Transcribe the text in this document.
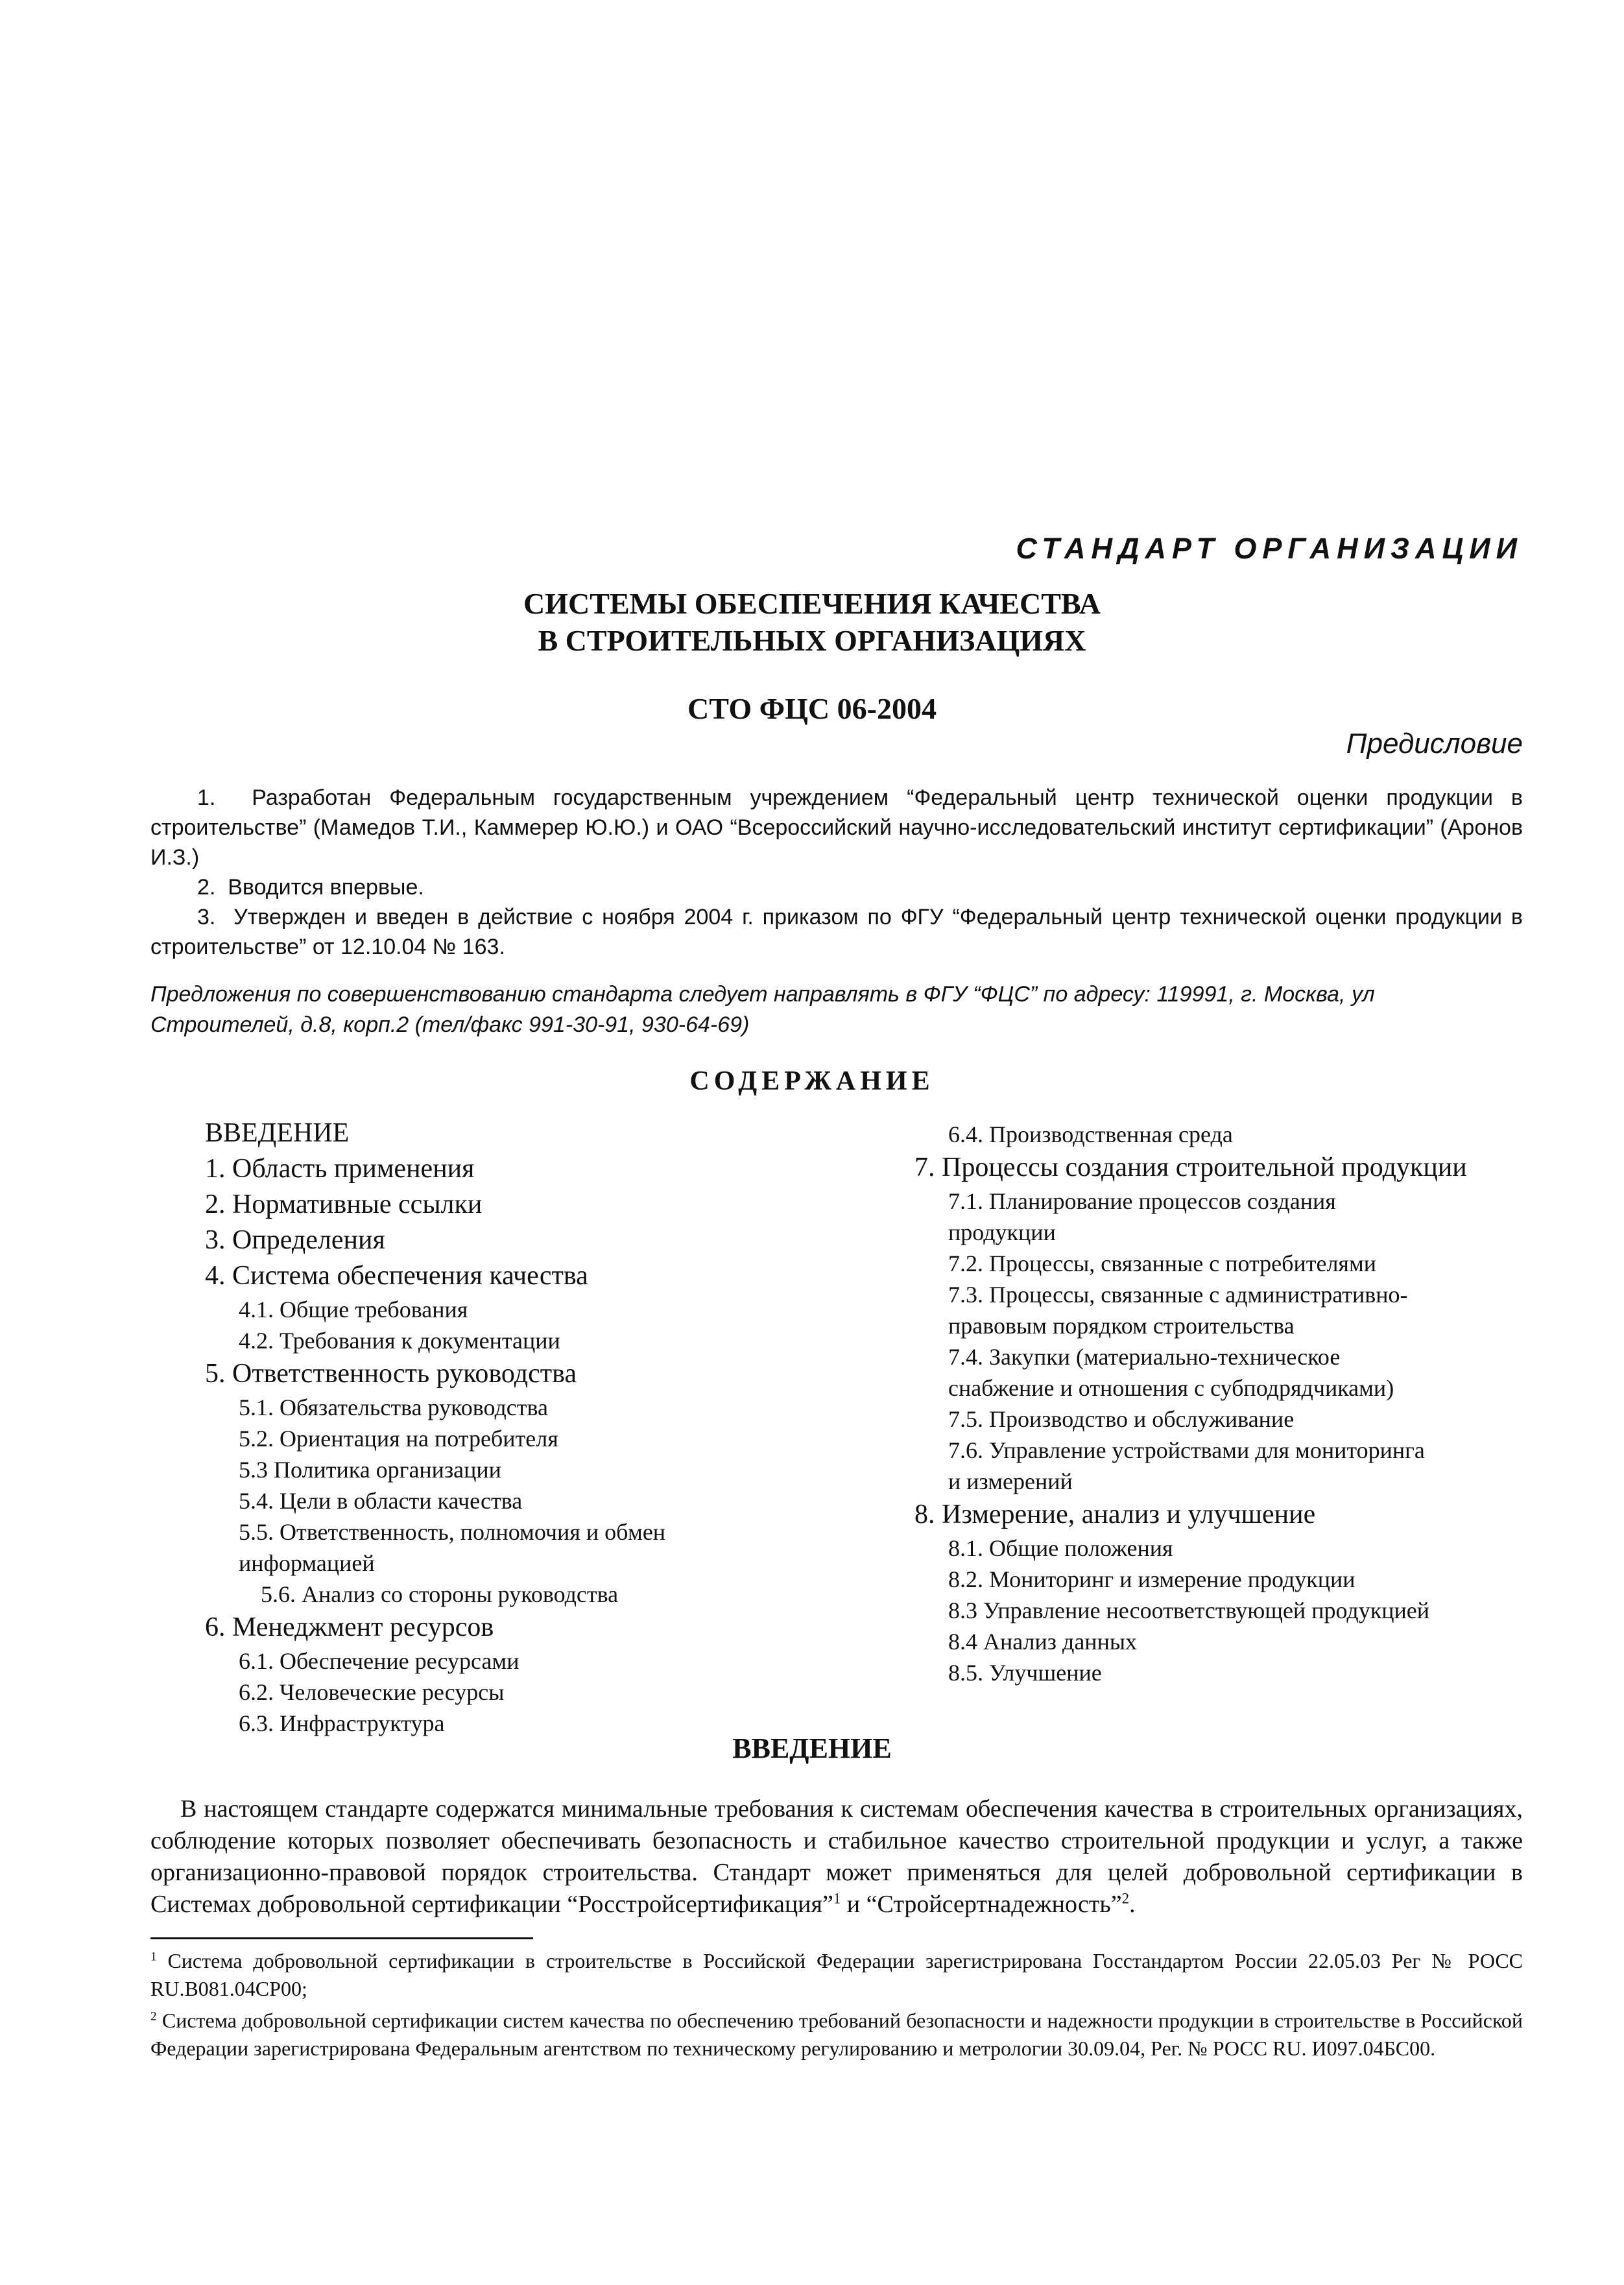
СТАНДАРТ ОРГАНИЗАЦИИ
СИСТЕМЫ ОБЕСПЕЧЕНИЯ КАЧЕСТВА
В СТРОИТЕЛЬНЫХ ОРГАНИЗАЦИЯХ
СТО ФЦС 06-2004
Предисловие

1.  Разработан Федеральным государственным учреждением “Федеральный центр технической оценки продукции в строительстве” (Мамедов Т.И., Каммерер Ю.Ю.) и ОАО “Всероссийский научно-исследовательский институт сертификации” (Аронов И.З.)

2.  Вводится впервые.

3.  Утвержден и введен в действие с ноября 2004 г. приказом по ФГУ “Федеральный центр технической оценки продукции в строительстве” от 12.10.04 № 163.

Предложения по совершенствованию стандарта следует направлять в ФГУ “ФЦС” по адресу: 119991, г. Москва, ул Строителей, д.8, корп.2 (тел/факс 991-30-91, 930-64-69)
СОДЕРЖАНИЕ
ВВЕДЕНИЕ
1. Область применения
2. Нормативные ссылки
3. Определения
4. Система обеспечения качества
4.1. Общие требования
4.2. Требования к документации
5. Ответственность руководства
5.1. Обязательства руководства
5.2. Ориентация на потребителя
5.3 Политика организации
5.4. Цели в области качества
5.5. Ответственность, полномочия и обмен
информацией
5.6. Анализ со стороны руководства
6. Менеджмент ресурсов
6.1. Обеспечение ресурсами
6.2. Человеческие ресурсы
6.3. Инфраструктура
6.4. Производственная среда
7. Процессы создания строительной продукции
7.1. Планирование процессов создания
продукции
7.2. Процессы, связанные с потребителями
7.3. Процессы, связанные с административно-
правовым порядком строительства
7.4. Закупки (материально-техническое
снабжение и отношения с субподрядчиками)
7.5. Производство и обслуживание
7.6. Управление устройствами для мониторинга
и измерений
8. Измерение, анализ и улучшение
8.1. Общие положения
8.2. Мониторинг и измерение продукции
8.3 Управление несоответствующей продукцией
8.4 Анализ данных
8.5. Улучшение
ВВЕДЕНИЕ
В настоящем стандарте содержатся минимальные требования к системам обеспечения качества в строительных организациях, соблюдение которых позволяет обеспечивать безопасность и стабильное качество строительной продукции и услуг, а также организационно-правовой порядок строительства. Стандарт может применяться для целей добровольной сертификации в Системах добровольной сертификации “Росстройсертификация”$^1$ и “Стройсертнадежность”$^2$.

$^1$ Система добровольной сертификации в строительстве в Российской Федерации зарегистрирована Госстандартом России 22.05.03 Рег № РОСС RU.B081.04CP00;

$^2$ Система добровольной сертификации систем качества по обеспечению требований безопасности и надежности продукции в строительстве в Российской Федерации зарегистрирована Федеральным агентством по техническому регулированию и метрологии 30.09.04, Рег. № РОСС RU. И097.04БС00.
